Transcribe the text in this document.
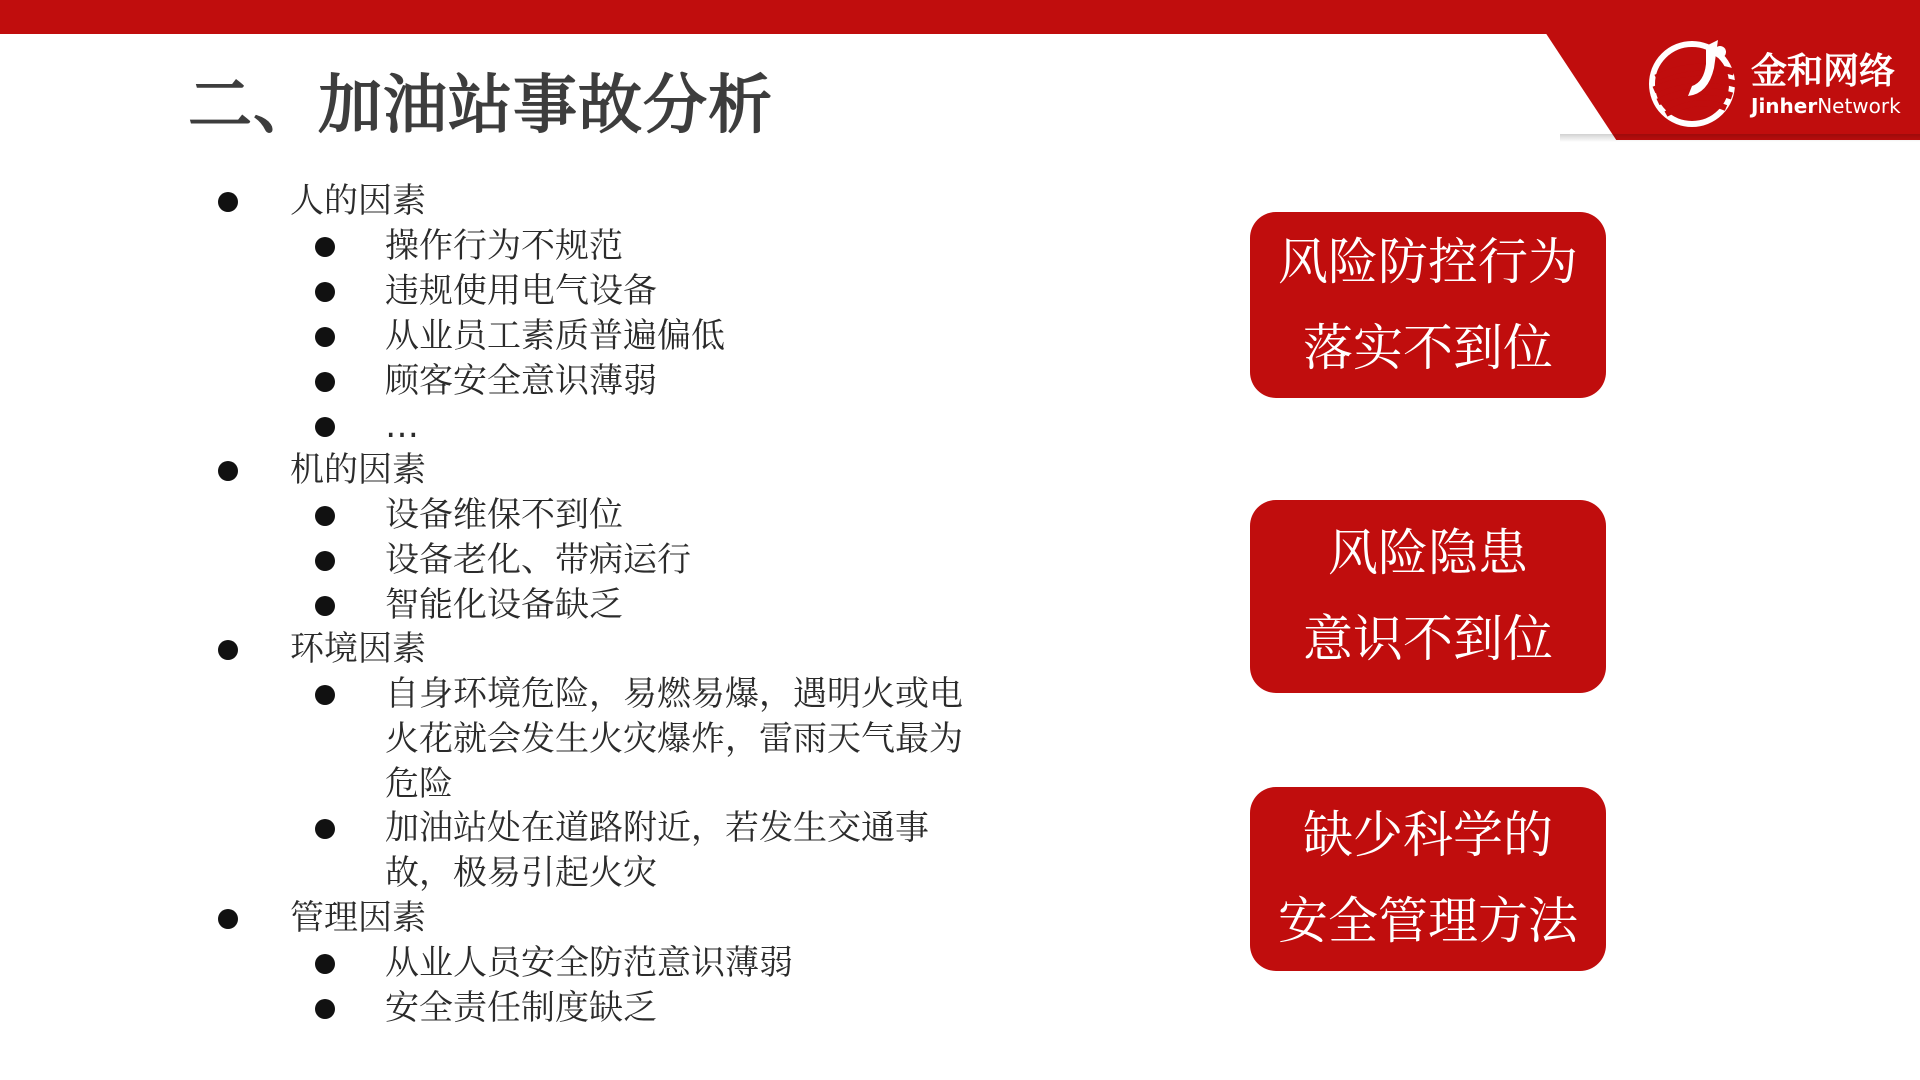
金和网络
JinherNetwork
二、加油站事故分析
人的因素
操作行为不规范
违规使用电气设备
从业员工素质普遍偏低
顾客安全意识薄弱
…
机的因素
设备维保不到位
设备老化、带病运行
智能化设备缺乏
环境因素
自身环境危险，易燃易爆，遇明火或电火花就会发生火灾爆炸，雷雨天气最为危险
加油站处在道路附近，若发生交通事故，极易引起火灾
管理因素
从业人员安全防范意识薄弱
安全责任制度缺乏
风险防控行为
落实不到位
风险隐患
意识不到位
缺少科学的
安全管理方法
